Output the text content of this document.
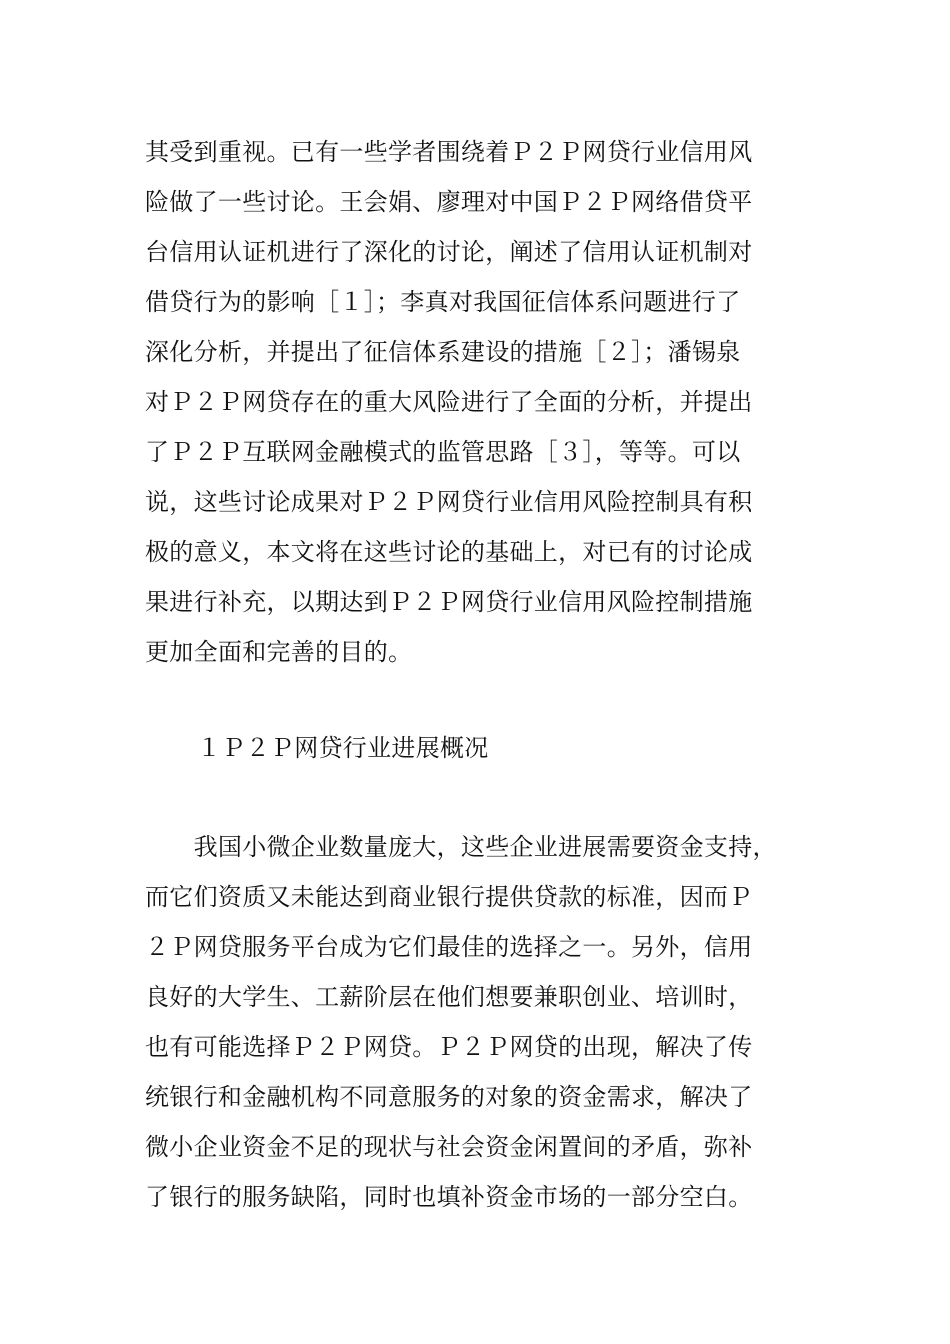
其受到重视。已有一些学者围绕着Ｐ２Ｐ网贷行业信用风
险做了一些讨论。王会娟、廖理对中国Ｐ２Ｐ网络借贷平
台信用认证机进行了深化的讨论，阐述了信用认证机制对
借贷行为的影响［１］；李真对我国征信体系问题进行了
深化分析，并提出了征信体系建设的措施［２］；潘锡泉
对Ｐ２Ｐ网贷存在的重大风险进行了全面的分析，并提出
了Ｐ２Ｐ互联网金融模式的监管思路［３］，等等。可以
说，这些讨论成果对Ｐ２Ｐ网贷行业信用风险控制具有积
极的意义，本文将在这些讨论的基础上，对已有的讨论成
果进行补充，以期达到Ｐ２Ｐ网贷行业信用风险控制措施
更加全面和完善的目的。
１Ｐ２Ｐ网贷行业进展概况
　　我国小微企业数量庞大，这些企业进展需要资金支持，
而它们资质又未能达到商业银行提供贷款的标准，因而Ｐ
２Ｐ网贷服务平台成为它们最佳的选择之一。另外，信用
良好的大学生、工薪阶层在他们想要兼职创业、培训时，
也有可能选择Ｐ２Ｐ网贷。Ｐ２Ｐ网贷的出现，解决了传
统银行和金融机构不同意服务的对象的资金需求，解决了
微小企业资金不足的现状与社会资金闲置间的矛盾，弥补
了银行的服务缺陷，同时也填补资金市场的一部分空白。
